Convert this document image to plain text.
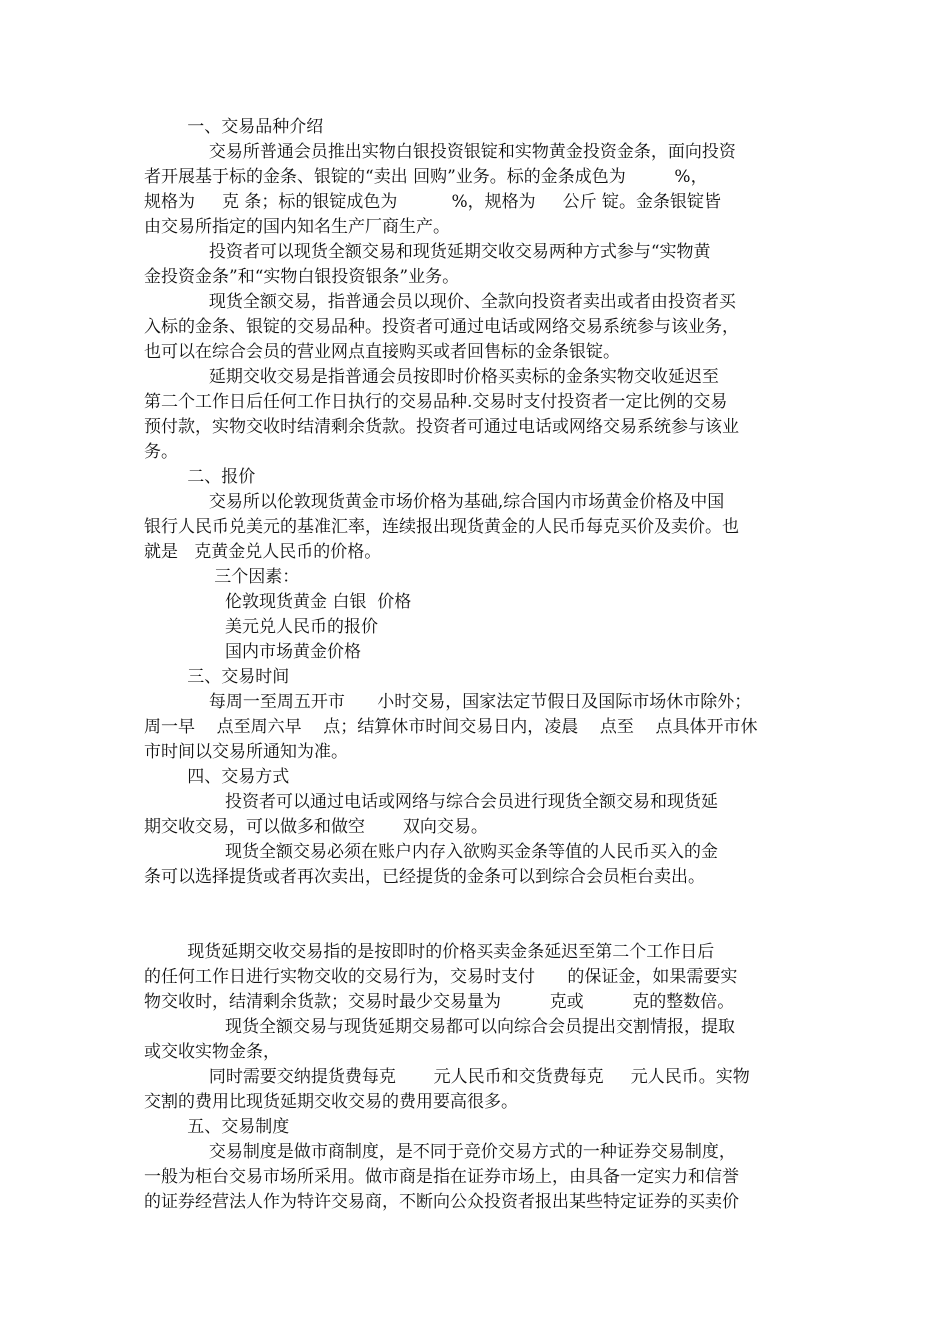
一、交易品种介绍
交易所普通会员推出实物白银投资银锭和实物黄金投资金条，面向投资
者开展基于标的金条、银锭的“卖出 回购”业务。标的金条成色为         %，
规格为     克 条；标的银锭成色为          %，规格为     公斤 锭。金条银锭皆
由交易所指定的国内知名生产厂商生产。
投资者可以现货全额交易和现货延期交收交易两种方式参与“实物黄
金投资金条”和“实物白银投资银条”业务。
现货全额交易，指普通会员以现价、全款向投资者卖出或者由投资者买
入标的金条、银锭的交易品种。投资者可通过电话或网络交易系统参与该业务，
也可以在综合会员的营业网点直接购买或者回售标的金条银锭。
延期交收交易是指普通会员按即时价格买卖标的金条实物交收延迟至
第二个工作日后任何工作日执行的交易品种.交易时支付投资者一定比例的交易
预付款，实物交收时结清剩余货款。投资者可通过电话或网络交易系统参与该业
务。
二、报价
交易所以伦敦现货黄金市场价格为基础,综合国内市场黄金价格及中国
银行人民币兑美元的基准汇率，连续报出现货黄金的人民币每克买价及卖价。也
就是   克黄金兑人民币的价格。
三个因素：
伦敦现货黄金 白银  价格
美元兑人民币的报价
国内市场黄金价格
三、交易时间
每周一至周五开市      小时交易，国家法定节假日及国际市场休市除外；
周一早    点至周六早    点；结算休市时间交易日内，凌晨    点至    点具体开市休
市时间以交易所通知为准。
四、交易方式
投资者可以通过电话或网络与综合会员进行现货全额交易和现货延
期交收交易，可以做多和做空       双向交易。
现货全额交易必须在账户内存入欲购买金条等值的人民币买入的金
条可以选择提货或者再次卖出，已经提货的金条可以到综合会员柜台卖出。
现货延期交收交易指的是按即时的价格买卖金条延迟至第二个工作日后
的任何工作日进行实物交收的交易行为，交易时支付      的保证金，如果需要实
物交收时，结清剩余货款；交易时最少交易量为         克或         克的整数倍。
现货全额交易与现货延期交易都可以向综合会员提出交割情报，提取
或交收实物金条，
同时需要交纳提货费每克       元人民币和交货费每克     元人民币。实物
交割的费用比现货延期交收交易的费用要高很多。
五、交易制度
交易制度是做市商制度，是不同于竞价交易方式的一种证券交易制度，
一般为柜台交易市场所采用。做市商是指在证券市场上，由具备一定实力和信誉
的证券经营法人作为特许交易商，不断向公众投资者报出某些特定证券的买卖价
